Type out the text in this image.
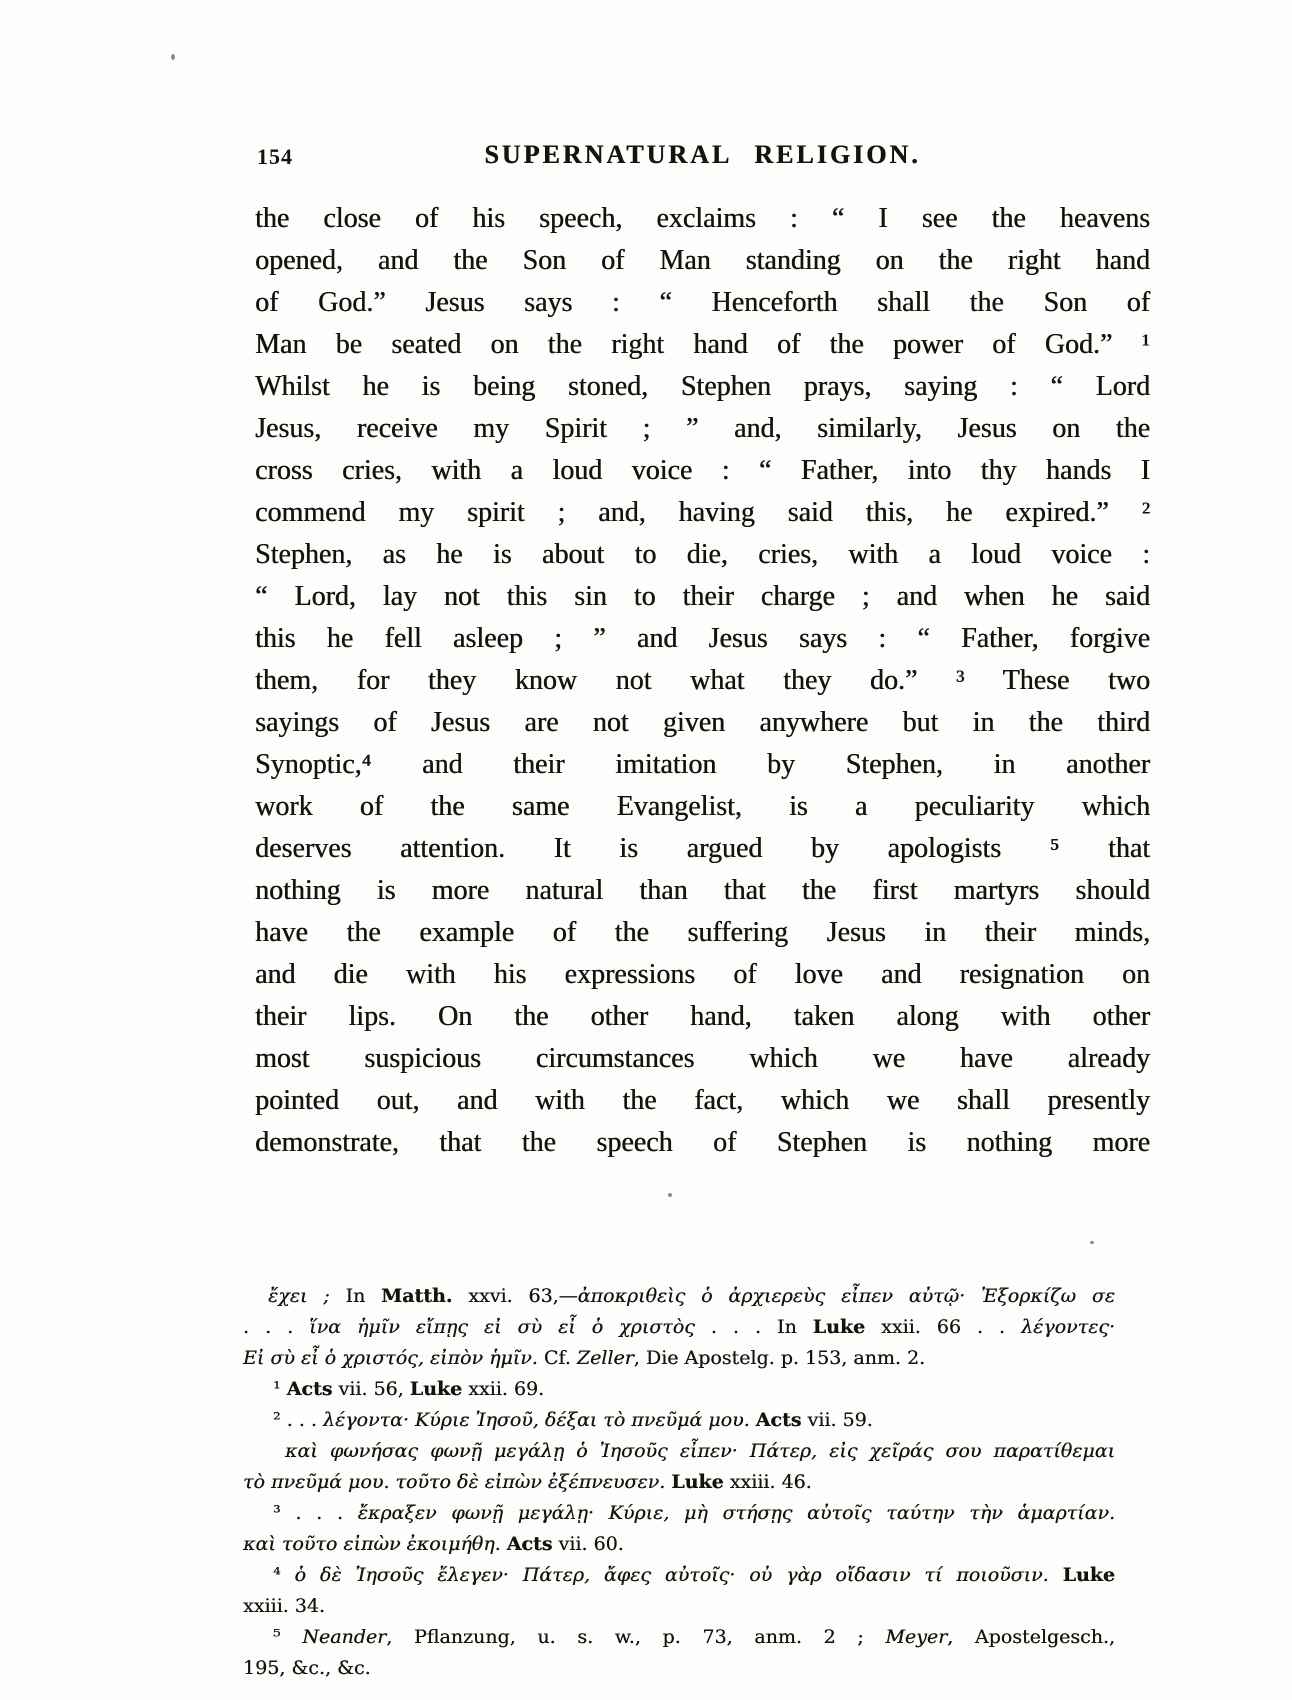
154	SUPERNATURAL RELIGION.
the close of his speech, exclaims : “ I see the heavens
opened, and the Son of Man standing on the right hand
of God.” Jesus says : “ Henceforth shall the Son of
Man be seated on the right hand of the power of God.” ¹
Whilst he is being stoned, Stephen prays, saying : “ Lord
Jesus, receive my Spirit ; ” and, similarly, Jesus on the
cross cries, with a loud voice : “ Father, into thy hands I
commend my spirit ; and, having said this, he expired.” ²
Stephen, as he is about to die, cries, with a loud voice :
“ Lord, lay not this sin to their charge ; and when he said
this he fell asleep ; ” and Jesus says : “ Father, forgive
them, for they know not what they do.” ³ These two
sayings of Jesus are not given anywhere but in the third
Synoptic,⁴ and their imitation by Stephen, in another
work of the same Evangelist, is a peculiarity which
deserves attention. It is argued by apologists ⁵ that
nothing is more natural than that the first martyrs should
have the example of the suffering Jesus in their minds,
and die with his expressions of love and resignation on
their lips. On the other hand, taken along with other
most suspicious circumstances which we have already
pointed out, and with the fact, which we shall presently
demonstrate, that the speech of Stephen is nothing more
ἔχει ; In Matth. xxvi. 63,—ἀποκριθεὶς ὁ ἀρχιερεὺς εἶπεν αὐτῷ· Ἐξορκίζω σε
. . . ἵνα ἡμῖν εἴπῃς εἰ σὺ εἶ ὁ χριστὸς . . . In Luke xxii. 66 . . λέγοντες·
Εἰ σὺ εἶ ὁ χριστός, εἰπὸν ἡμῖν. Cf. Zeller, Die Apostelg. p. 153, anm. 2.
¹ Acts vii. 56, Luke xxii. 69.
² . . . λέγοντα· Κύριε Ἰησοῦ, δέξαι τὸ πνεῦμά μου. Acts vii. 59.
καὶ φωνήσας φωνῇ μεγάλῃ ὁ Ἰησοῦς εἶπεν· Πάτερ, εἰς χεῖράς σου παρατίθεμαι
τὸ πνεῦμά μου. τοῦτο δὲ εἰπὼν ἐξέπνευσεν. Luke xxiii. 46.
³ . . . ἔκραξεν φωνῇ μεγάλῃ· Κύριε, μὴ στήσῃς αὐτοῖς ταύτην τὴν ἁμαρτίαν.
καὶ τοῦτο εἰπὼν ἐκοιμήθη. Acts vii. 60.
⁴ ὁ δὲ Ἰησοῦς ἔλεγεν· Πάτερ, ἄφες αὐτοῖς· οὐ γὰρ οἴδασιν τί ποιοῦσιν. Luke
xxiii. 34.
⁵ Neander, Pflanzung, u. s. w., p. 73, anm. 2 ; Meyer, Apostelgesch.,
195, &c., &c.
